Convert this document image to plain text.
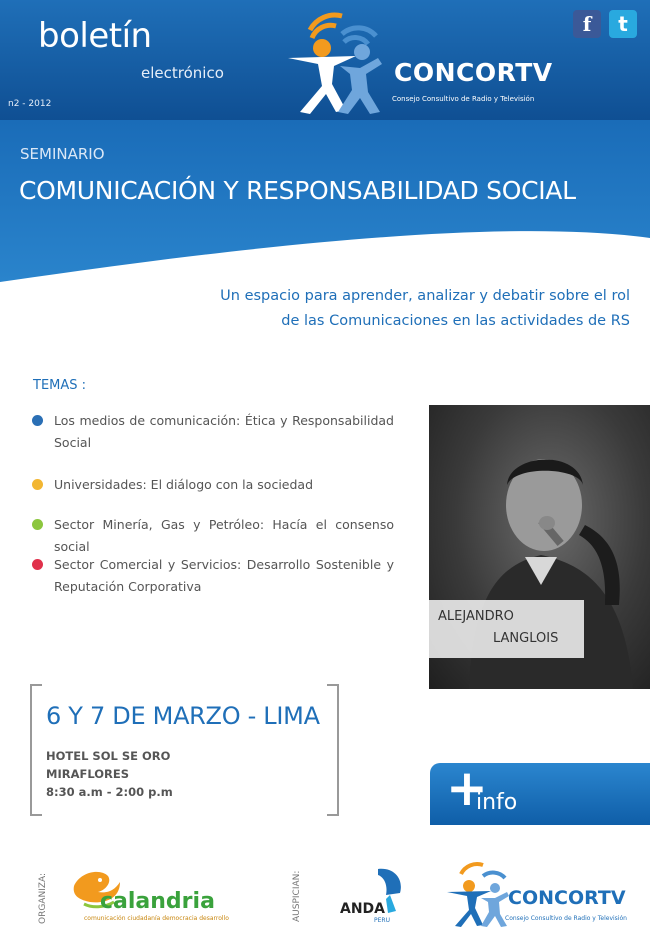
boletín
electrónico
n2 - 2012
CONCORTV
Consejo Consultivo de Radio y Televisión
f	t
SEMINARIO
COMUNICACIÓN Y RESPONSABILIDAD SOCIAL
Un espacio para aprender, analizar y debatir sobre el rol
de las Comunicaciones en las actividades de RS
TEMAS :
Los medios de comunicación: Ética y Responsabilidad Social
Universidades: El diálogo con la sociedad
Sector Minería, Gas y Petróleo: Hacía el consenso social
Sector Comercial y Servicios: Desarrollo Sostenible y Reputación Corporativa
ALEJANDRO
LANGLOIS
6 Y 7 DE MARZO - LIMA
HOTEL SOL SE ORO
MIRAFLORES
8:30 a.m - 2:00 p.m	+
info
ORGANIZA: calandria
comunicación ciudadanía democracia desarrollo	AUSPICIAN:	ANDA
PERU
CONCORTV
Consejo Consultivo de Radio y Televisión
